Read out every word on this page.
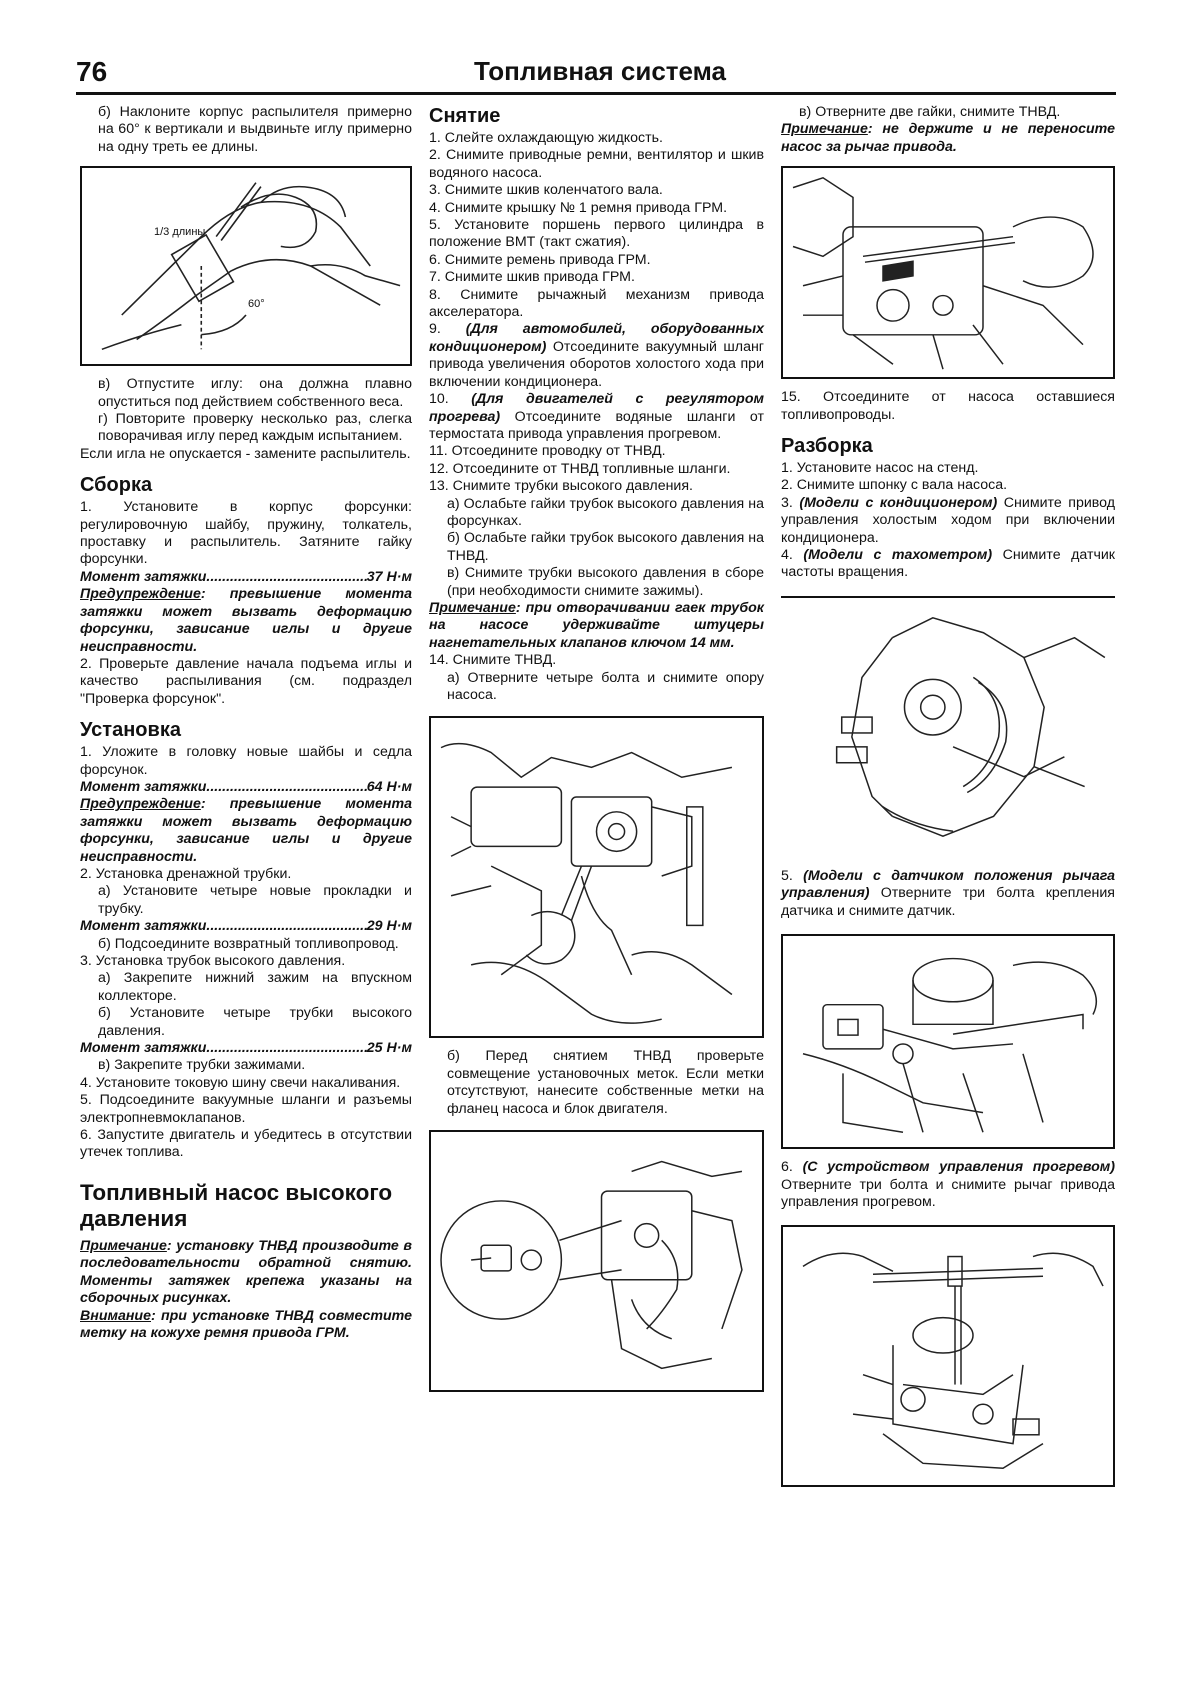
76	Топливная система

б) Наклоните корпус распылителя примерно на 60° к вертикали и выдвиньте иглу примерно на одну треть ее длины.

1/3 длины
60°

в) Отпустите иглу: она должна плавно опуститься под действием собственного веса.

г) Повторите проверку несколько раз, слегка поворачивая иглу перед каждым испытанием.

Если игла не опускается - замените распылитель.

Сборка

1. Установите в корпус форсунки: регулировочную шайбу, пружину, толкатель, проставку и распылитель. Затяните гайку форсунки.

Момент затяжки .....	37 Н·м

Предупреждение: превышение момента затяжки может вызвать деформацию форсунки, зависание иглы и другие неисправности.

2. Проверьте давление начала подъема иглы и качество распыливания (см. подраздел "Проверка форсунок".

Установка

1. Уложите в головку новые шайбы и седла форсунок.

Момент затяжки .....	64 Н·м

Предупреждение: превышение момента затяжки может вызвать деформацию форсунки, зависание иглы и другие неисправности.

2. Установка дренажной трубки.

а) Установите четыре новые прокладки и трубку.

Момент затяжки .....	29 Н·м

б) Подсоедините возвратный топливопровод.

3. Установка трубок высокого давления.

а) Закрепите нижний зажим на впускном коллекторе.

б) Установите четыре трубки высокого давления.

Момент затяжки .....	25 Н·м

в) Закрепите трубки зажимами.

4. Установите токовую шину свечи накаливания.

5. Подсоедините вакуумные шланги и разъемы электропневмоклапанов.

6. Запустите двигатель и убедитесь в отсутствии утечек топлива.

Топливный насос высокого давления

Примечание: установку ТНВД производите в последовательности обратной снятию. Моменты затяжек крепежа указаны на сборочных рисунках.

Внимание: при установке ТНВД совместите метку на кожухе ремня привода ГРМ.

Снятие

1. Слейте охлаждающую жидкость.

2. Снимите приводные ремни, вентилятор и шкив водяного насоса.

3. Снимите шкив коленчатого вала.

4. Снимите крышку № 1 ремня привода ГРМ.

5. Установите поршень первого цилиндра в положение ВМТ (такт сжатия).

6. Снимите ремень привода ГРМ.

7. Снимите шкив привода ГРМ.

8. Снимите рычажный механизм привода акселератора.

9. (Для автомобилей, оборудованных кондиционером) Отсоедините вакуумный шланг привода увеличения оборотов холостого хода при включении кондиционера.

10. (Для двигателей с регулятором прогрева) Отсоедините водяные шланги от термостата привода управления прогревом.

11. Отсоедините проводку от ТНВД.

12. Отсоедините от ТНВД топливные шланги.

13. Снимите трубки высокого давления.

а) Ослабьте гайки трубок высокого давления на форсунках.

б) Ослабьте гайки трубок высокого давления на ТНВД.

в) Снимите трубки высокого давления в сборе (при необходимости снимите зажимы).

Примечание: при отворачивании гаек трубок на насосе удерживайте штуцеры нагнетательных клапанов ключом 14 мм.

14. Снимите ТНВД.

а) Отверните четыре болта и снимите опору насоса.

б) Перед снятием ТНВД проверьте совмещение установочных меток. Если метки отсутствуют, нанесите собственные метки на фланец насоса и блок двигателя.

в) Отверните две гайки, снимите ТНВД.

Примечание: не держите и не переносите насос за рычаг привода.

15. Отсоедините от насоса оставшиеся топливопроводы.

Разборка

1. Установите насос на стенд.

2. Снимите шпонку с вала насоса.

3. (Модели с кондиционером) Снимите привод управления холостым ходом при включении кондиционера.

4. (Модели с тахометром) Снимите датчик частоты вращения.

5. (Модели с датчиком положения рычага управления) Отверните три болта крепления датчика и снимите датчик.

6. (С устройством управления прогревом) Отверните три болта и снимите рычаг привода управления прогревом.
